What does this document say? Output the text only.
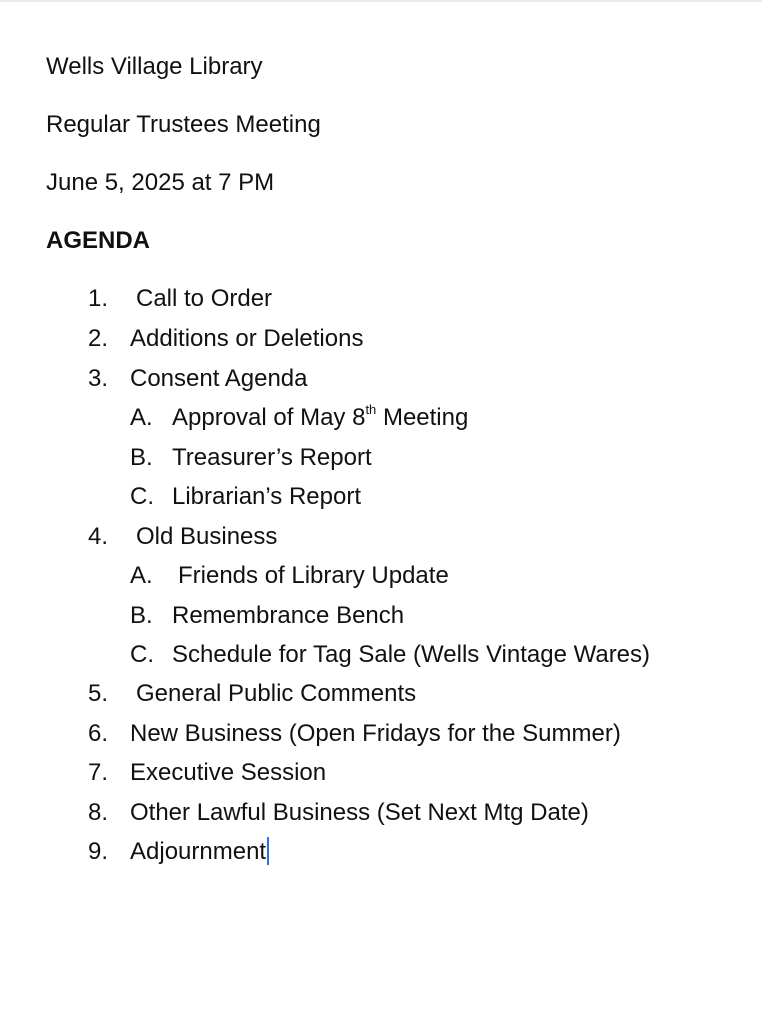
Wells Village Library
Regular Trustees Meeting
June 5, 2025 at 7 PM
AGENDA
1. Call to Order
2. Additions or Deletions
3. Consent Agenda
A. Approval of May 8th Meeting
B. Treasurer’s Report
C. Librarian’s Report
4. Old Business
A. Friends of Library Update
B. Remembrance Bench
C. Schedule for Tag Sale (Wells Vintage Wares)
5. General Public Comments
6. New Business (Open Fridays for the Summer)
7. Executive Session
8. Other Lawful Business (Set Next Mtg Date)
9. Adjournment
